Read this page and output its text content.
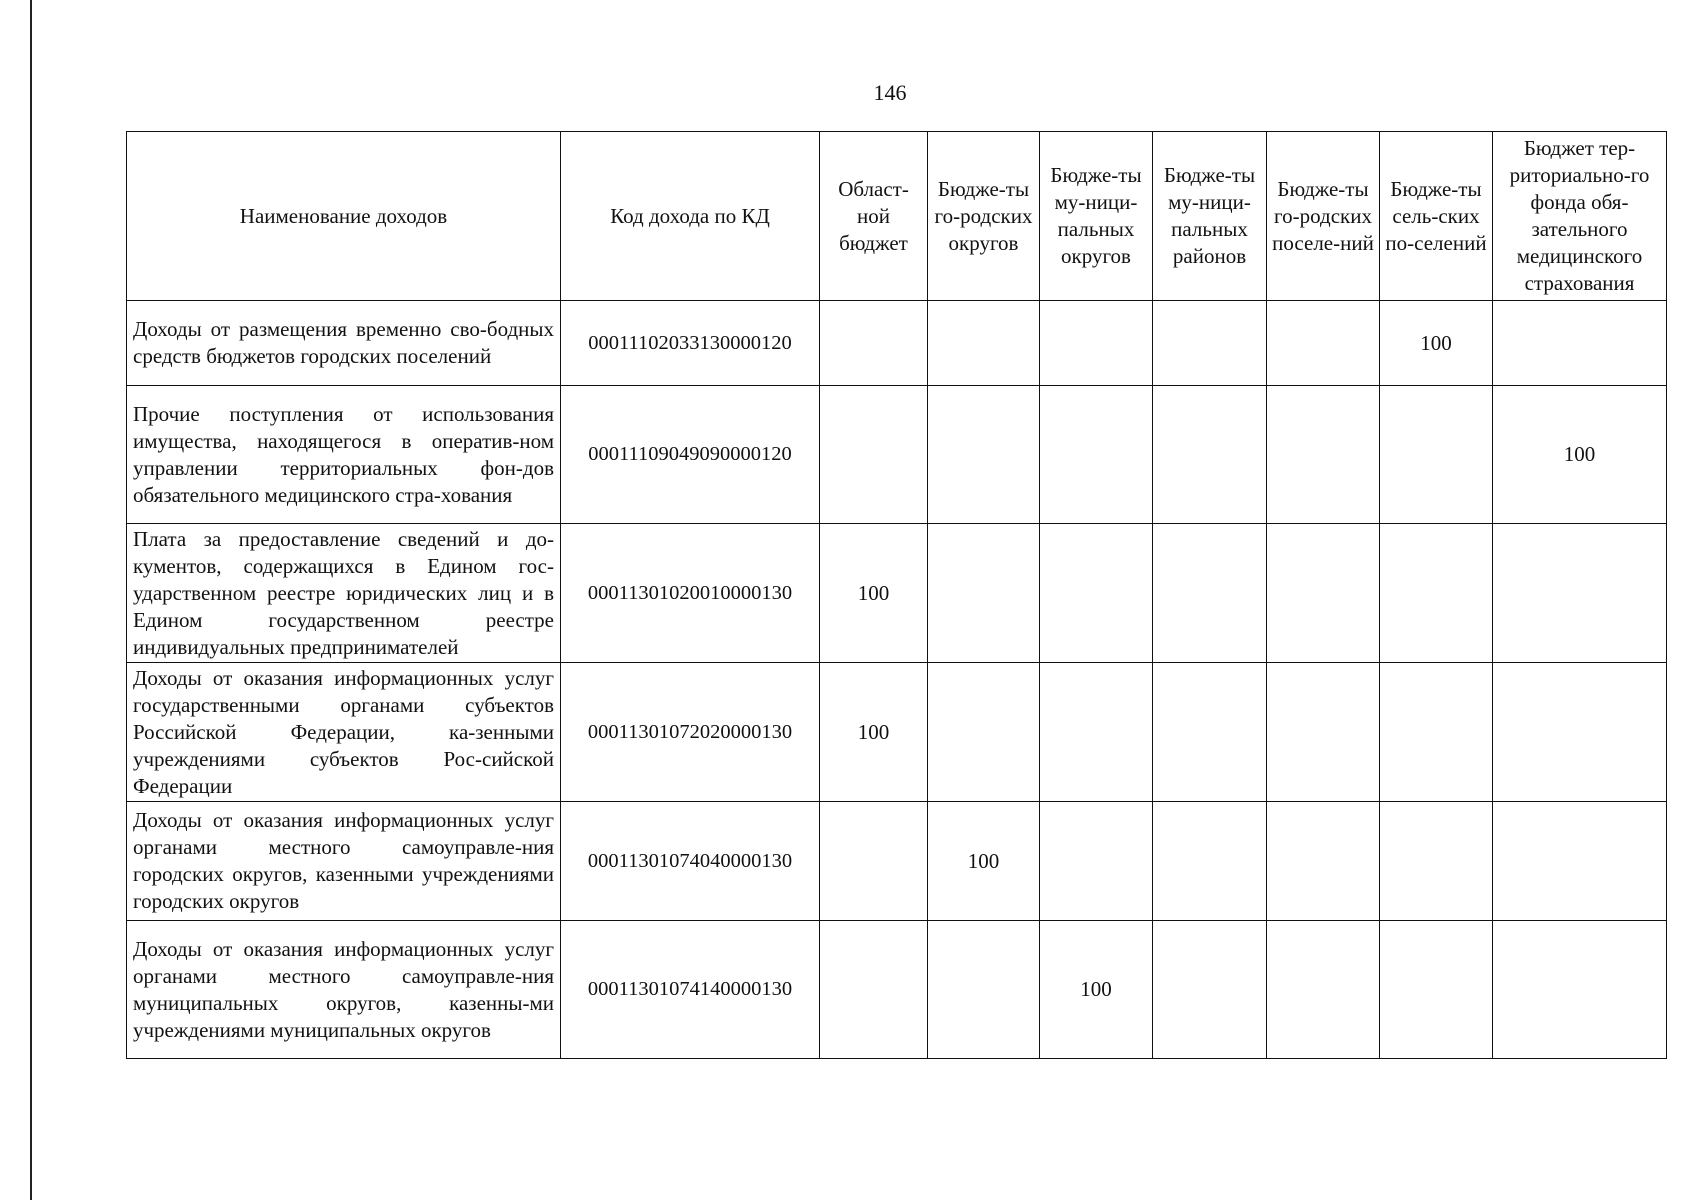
146
Наименование доходов	Код дохода по КД	Област-ной бюджет	Бюдже-ты го-родских округов	Бюдже-ты му-ници-пальных округов	Бюдже-ты му-ници-пальных районов	Бюдже-ты го-родских поселе-ний	Бюдже-ты сель-ских по-селений	Бюджет тер-риториально-го фонда обя-зательного медицинского страхования
Доходы от размещения временно сво-бодных средств бюджетов городских поселений	00011102033130000120						100	
Прочие поступления от использования имущества, находящегося в оператив-ном управлении территориальных фон-дов обязательного медицинского стра-хования	00011109049090000120							100
Плата за предоставление сведений и до-кументов, содержащихся в Едином гос-ударственном реестре юридических лиц и в Едином государственном реестре индивидуальных предпринимателей	00011301020010000130	100						
Доходы от оказания информационных услуг государственными органами субъектов Российской Федерации, ка-зенными учреждениями субъектов Рос-сийской Федерации	00011301072020000130	100						
Доходы от оказания информационных услуг органами местного самоуправле-ния городских округов, казенными учреждениями городских округов	00011301074040000130		100					
Доходы от оказания информационных услуг органами местного самоуправле-ния муниципальных округов, казенны-ми учреждениями муниципальных округов	00011301074140000130			100				
